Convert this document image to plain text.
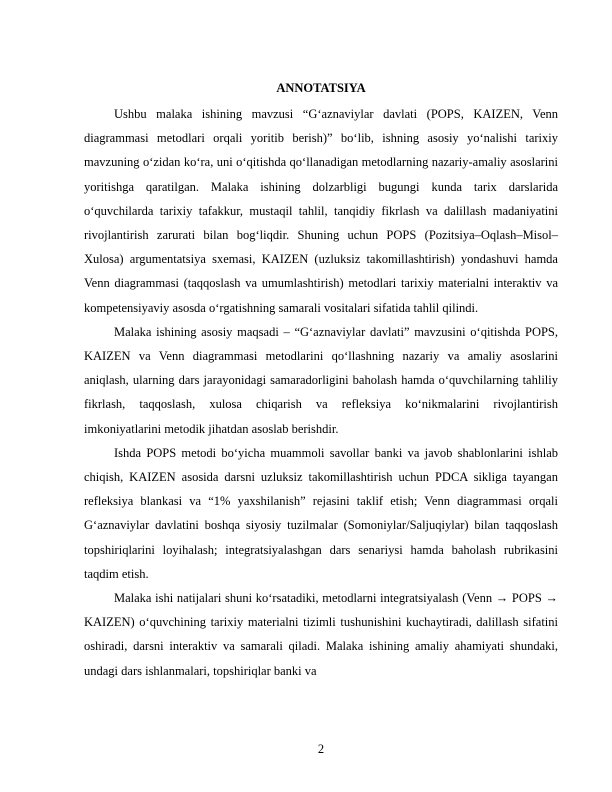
ANNOTATSIYA

Ushbu malaka ishining mavzusi “G‘aznaviylar davlati (POPS, KAIZEN, Venn diagrammasi metodlari orqali yoritib berish)” bo‘lib, ishning asosiy yo‘nalishi tarixiy mavzuning o‘zidan ko‘ra, uni o‘qitishda qo‘llanadigan metodlarning nazariy-amaliy asoslarini yoritishga qaratilgan. Malaka ishining dolzarbligi bugungi kunda tarix darslarida o‘quvchilarda tarixiy tafakkur, mustaqil tahlil, tanqidiy fikrlash va dalillash madaniyatini rivojlantirish zarurati bilan bog‘liqdir. Shuning uchun POPS (Pozitsiya–Oqlash–Misol–Xulosa) argumentatsiya sxemasi, KAIZEN (uzluksiz takomillashtirish) yondashuvi hamda Venn diagrammasi (taqqoslash va umumlashtirish) metodlari tarixiy materialni interaktiv va kompetensiyaviy asosda o‘rgatishning samarali vositalari sifatida tahlil qilindi.

Malaka ishining asosiy maqsadi – “G‘aznaviylar davlati” mavzusini o‘qitishda POPS, KAIZEN va Venn diagrammasi metodlarini qo‘llashning nazariy va amaliy asoslarini aniqlash, ularning dars jarayonidagi samaradorligini baholash hamda o‘quvchilarning tahliliy fikrlash, taqqoslash, xulosa chiqarish va refleksiya ko‘nikmalarini rivojlantirish imkoniyatlarini metodik jihatdan asoslab berishdir.

Ishda POPS metodi bo‘yicha muammoli savollar banki va javob shablonlarini ishlab chiqish, KAIZEN asosida darsni uzluksiz takomillashtirish uchun PDCA sikliga tayangan refleksiya blankasi va “1% yaxshilanish” rejasini taklif etish; Venn diagrammasi orqali G‘aznaviylar davlatini boshqa siyosiy tuzilmalar (Somoniylar/Saljuqiylar) bilan taqqoslash topshiriqlarini loyihalash; integratsiyalashgan dars senariysi hamda baholash rubrikasini taqdim etish.

Malaka ishi natijalari shuni ko‘rsatadiki, metodlarni integratsiyalash (Venn → POPS → KAIZEN) o‘quvchining tarixiy materialni tizimli tushunishini kuchaytiradi, dalillash sifatini oshiradi, darsni interaktiv va samarali qiladi. Malaka ishining amaliy ahamiyati shundaki, undagi dars ishlanmalari, topshiriqlar banki va

2
